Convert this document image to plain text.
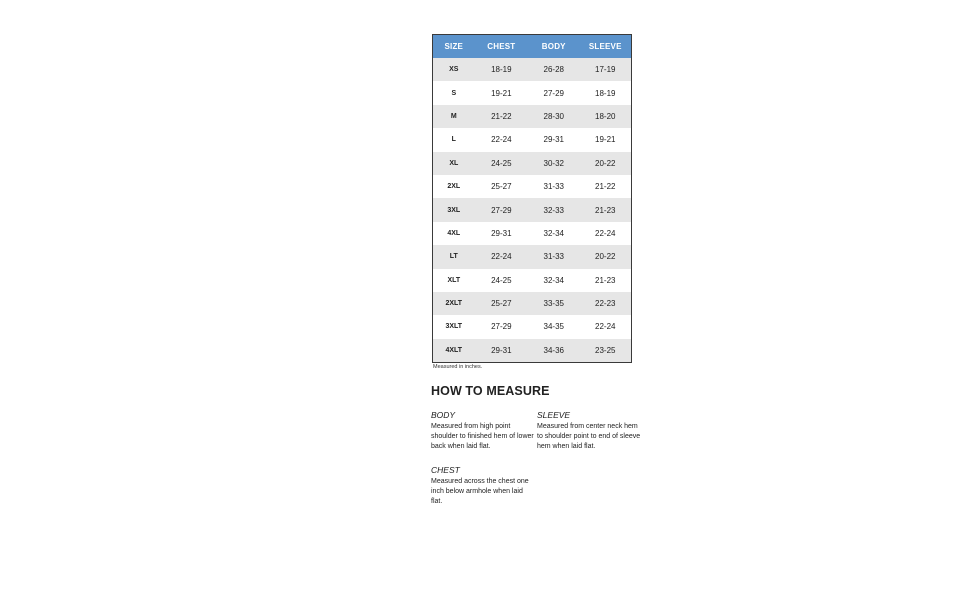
SIZE	CHEST	BODY	SLEEVE
XS	18-19	26-28	17-19
S	19-21	27-29	18-19
M	21-22	28-30	18-20
L	22-24	29-31	19-21
XL	24-25	30-32	20-22
2XL	25-27	31-33	21-22
3XL	27-29	32-33	21-23
4XL	29-31	32-34	22-24
LT	22-24	31-33	20-22
XLT	24-25	32-34	21-23
2XLT	25-27	33-35	22-23
3XLT	27-29	34-35	22-24
4XLT	29-31	34-36	23-25
Measured in inches.
HOW TO MEASURE
BODY
Measured from high point shoulder to finished hem of lower back when laid flat.
SLEEVE
Measured from center neck hem to shoulder point to end of sleeve hem when laid flat.
CHEST
Measured across the chest one inch below armhole when laid flat.
